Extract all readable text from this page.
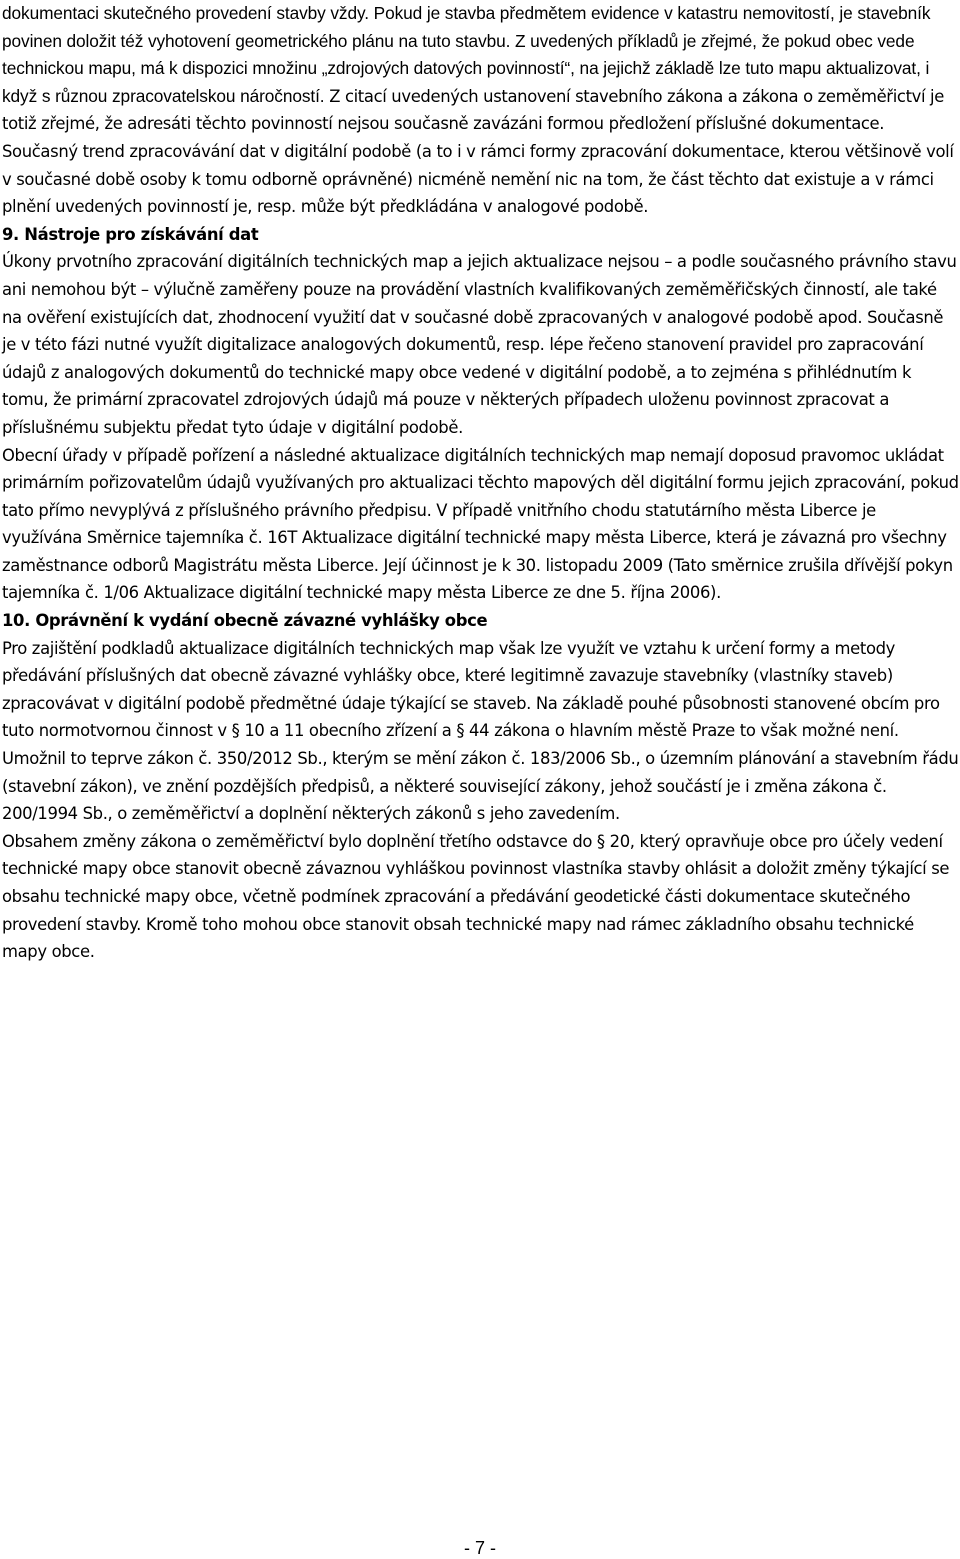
dokumentaci skutečného provedení stavby vždy. Pokud je stavba předmětem evidence v katastru nemovitostí, je stavebník povinen doložit též vyhotovení geometrického plánu na tuto stavbu. Z uvedených příkladů je zřejmé, že pokud obec vede technickou mapu, má k dispozici množinu „zdrojových datových povinností“, na jejichž základě lze tuto mapu aktualizovat, i když s různou zpracovatelskou náročností. Z citací uvedených ustanovení stavebního zákona a zákona o zeměměřictví je totiž zřejmé, že adresáti těchto povinností nejsou současně zavázáni formou předložení příslušné dokumentace. Současný trend zpracovávání dat v digitální podobě (a to i v rámci formy zpracování dokumentace, kterou většinově volí v současné době osoby k tomu odborně oprávněné) nicméně nemění nic na tom, že část těchto dat existuje a v rámci plnění uvedených povinností je, resp. může být předkládána v analogové podobě.

9. Nástroje pro získávání dat

Úkony prvotního zpracování digitálních technických map a jejich aktualizace nejsou – a podle současného právního stavu ani nemohou být – výlučně zaměřeny pouze na provádění vlastních kvalifikovaných zeměměřičských činností, ale také na ověření existujících dat, zhodnocení využití dat v současné době zpracovaných v analogové podobě apod. Současně je v této fázi nutné využít digitalizace analogových dokumentů, resp. lépe řečeno stanovení pravidel pro zapracování údajů z analogových dokumentů do technické mapy obce vedené v digitální podobě, a to zejména s přihlédnutím k tomu, že primární zpracovatel zdrojových údajů má pouze v některých případech uloženu povinnost zpracovat a příslušnému subjektu předat tyto údaje v digitální podobě.

Obecní úřady v případě pořízení a následné aktualizace digitálních technických map nemají doposud pravomoc ukládat primárním pořizovatelům údajů využívaných pro aktualizaci těchto mapových děl digitální formu jejich zpracování, pokud tato přímo nevyplývá z příslušného právního předpisu. V případě vnitřního chodu statutárního města Liberce je využívána Směrnice tajemníka č. 16T Aktualizace digitální technické mapy města Liberce, která je závazná pro všechny zaměstnance odborů Magistrátu města Liberce. Její účinnost je k 30. listopadu 2009 (Tato směrnice zrušila dřívější pokyn tajemníka č. 1/06 Aktualizace digitální technické mapy města Liberce ze dne 5. října 2006).

10. Oprávnění k vydání obecně závazné vyhlášky obce

Pro zajištění podkladů aktualizace digitálních technických map však lze využít ve vztahu k určení formy a metody předávání příslušných dat obecně závazné vyhlášky obce, které legitimně zavazuje stavebníky (vlastníky staveb) zpracovávat v digitální podobě předmětné údaje týkající se staveb. Na základě pouhé působnosti stanovené obcím pro tuto normotvornou činnost v § 10 a 11 obecního zřízení a § 44 zákona o hlavním městě Praze to však možné není. Umožnil to teprve zákon č. 350/2012 Sb., kterým se mění zákon č. 183/2006 Sb., o územním plánování a stavebním řádu (stavební zákon), ve znění pozdějších předpisů, a některé související zákony, jehož součástí je i změna zákona č. 200/1994 Sb., o zeměměřictví a doplnění některých zákonů s jeho zavedením.

Obsahem změny zákona o zeměměřictví bylo doplnění třetího odstavce do § 20, který opravňuje obce pro účely vedení technické mapy obce stanovit obecně závaznou vyhláškou povinnost vlastníka stavby ohlásit a doložit změny týkající se obsahu technické mapy obce, včetně podmínek zpracování a předávání geodetické části dokumentace skutečného provedení stavby. Kromě toho mohou obce stanovit obsah technické mapy nad rámec základního obsahu technické mapy obce.

- 7 -
